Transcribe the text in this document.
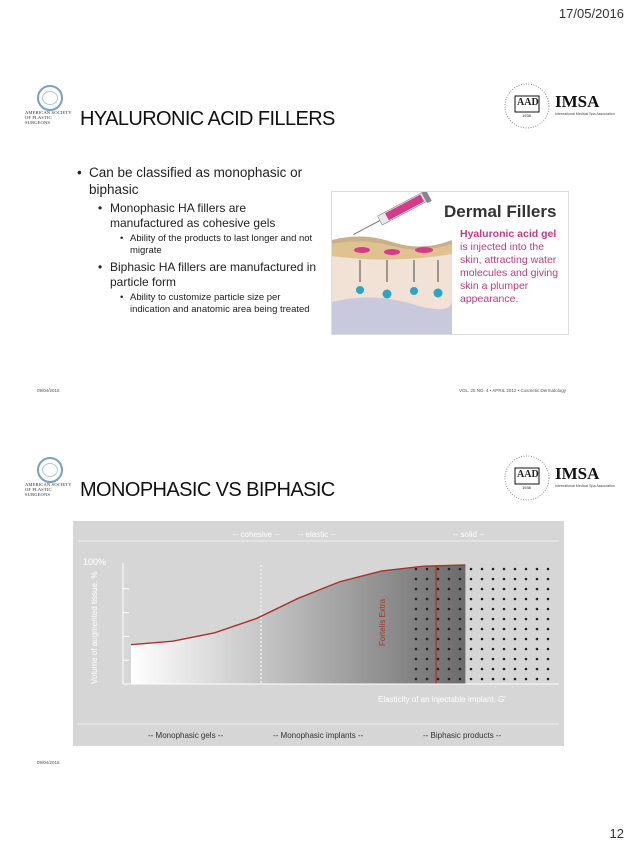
17/05/2016
AMERICAN SOCIETY OF PLASTIC SURGEONS	HYALURONIC ACID FILLERS
AAD
1938
IMSA
International Medical Spa Association
• Can be classified as monophasic or biphasic
• Monophasic HA fillers are manufactured as cohesive gels
• Ability of the products to last longer and not migrate
• Biphasic HA fillers are manufactured in particle form
• Ability to customize particle size per indication and anatomic area being treated
09/04/2016	VOL. 25 NO. 4 • APRIL 2012 • Cosmetic Dermatology
Dermal Fillers
Hyaluronic acid gel
is injected into the
skin, attracting water
molecules and giving
skin a plumper
appearance.
AMERICAN SOCIETY OF PLASTIC SURGEONS	MONOPHASIC VS BIPHASIC
AAD
1938
IMSA
International Medical Spa Association
09/04/2016
-- cohesive -- -- elastic --	-- solid --
-- Monophasic gels --	-- Monophasic implants --	-- Biphasic products --
100%
Volume of augmented tissue, %
Elasticity of an injectable implant, G'
Fortelis Extra
12
